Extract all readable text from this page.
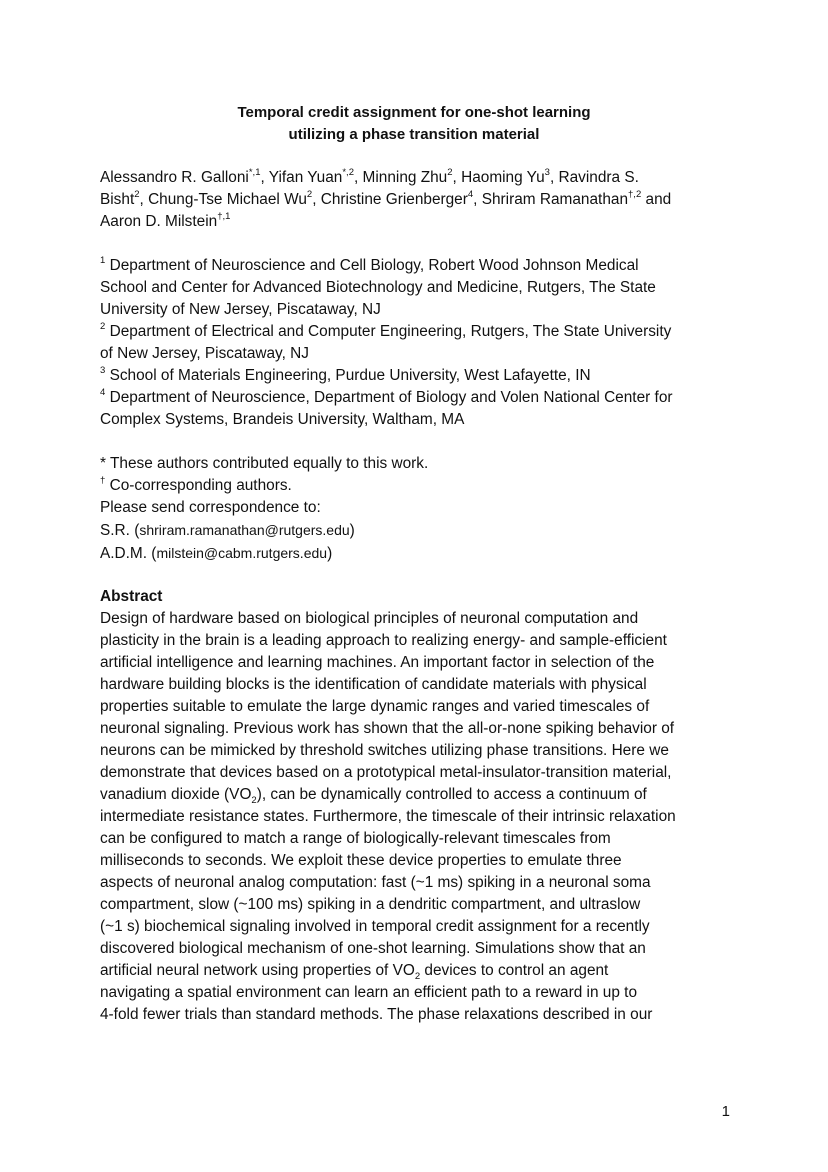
Temporal credit assignment for one-shot learning
utilizing a phase transition material
Alessandro R. Galloni$^{*,1}$, Yifan Yuan$^{*,2}$, Minning Zhu$^2$, Haoming Yu$^3$, Ravindra S.
Bisht$^2$, Chung-Tse Michael Wu$^2$, Christine Grienberger$^4$, Shriram Ramanathan$^{\dagger,2}$ and
Aaron D. Milstein$^{\dagger,1}$
$^1$ Department of Neuroscience and Cell Biology, Robert Wood Johnson Medical
School and Center for Advanced Biotechnology and Medicine, Rutgers, The State
University of New Jersey, Piscataway, NJ
$^2$ Department of Electrical and Computer Engineering, Rutgers, The State University
of New Jersey, Piscataway, NJ
$^3$ School of Materials Engineering, Purdue University, West Lafayette, IN
$^4$ Department of Neuroscience, Department of Biology and Volen National Center for
Complex Systems, Brandeis University, Waltham, MA
* These authors contributed equally to this work.
† Co-corresponding authors.
Please send correspondence to:
S.R. (shriram.ramanathan@rutgers.edu)
A.D.M. (milstein@cabm.rutgers.edu)
Abstract
Design of hardware based on biological principles of neuronal computation and
plasticity in the brain is a leading approach to realizing energy- and sample-efficient
artificial intelligence and learning machines. An important factor in selection of the
hardware building blocks is the identification of candidate materials with physical
properties suitable to emulate the large dynamic ranges and varied timescales of
neuronal signaling. Previous work has shown that the all-or-none spiking behavior of
neurons can be mimicked by threshold switches utilizing phase transitions. Here we
demonstrate that devices based on a prototypical metal-insulator-transition material,
vanadium dioxide $(VO_2)$, can be dynamically controlled to access a continuum of
intermediate resistance states. Furthermore, the timescale of their intrinsic relaxation
can be configured to match a range of biologically-relevant timescales from
milliseconds to seconds. We exploit these device properties to emulate three
aspects of neuronal analog computation: fast (~1 ms) spiking in a neuronal soma
compartment, slow (~100 ms) spiking in a dendritic compartment, and ultraslow
(~1 s) biochemical signaling involved in temporal credit assignment for a recently
discovered biological mechanism of one-shot learning. Simulations show that an
artificial neural network using properties of $VO_2$ devices to control an agent
navigating a spatial environment can learn an efficient path to a reward in up to
4-fold fewer trials than standard methods. The phase relaxations described in our
1
